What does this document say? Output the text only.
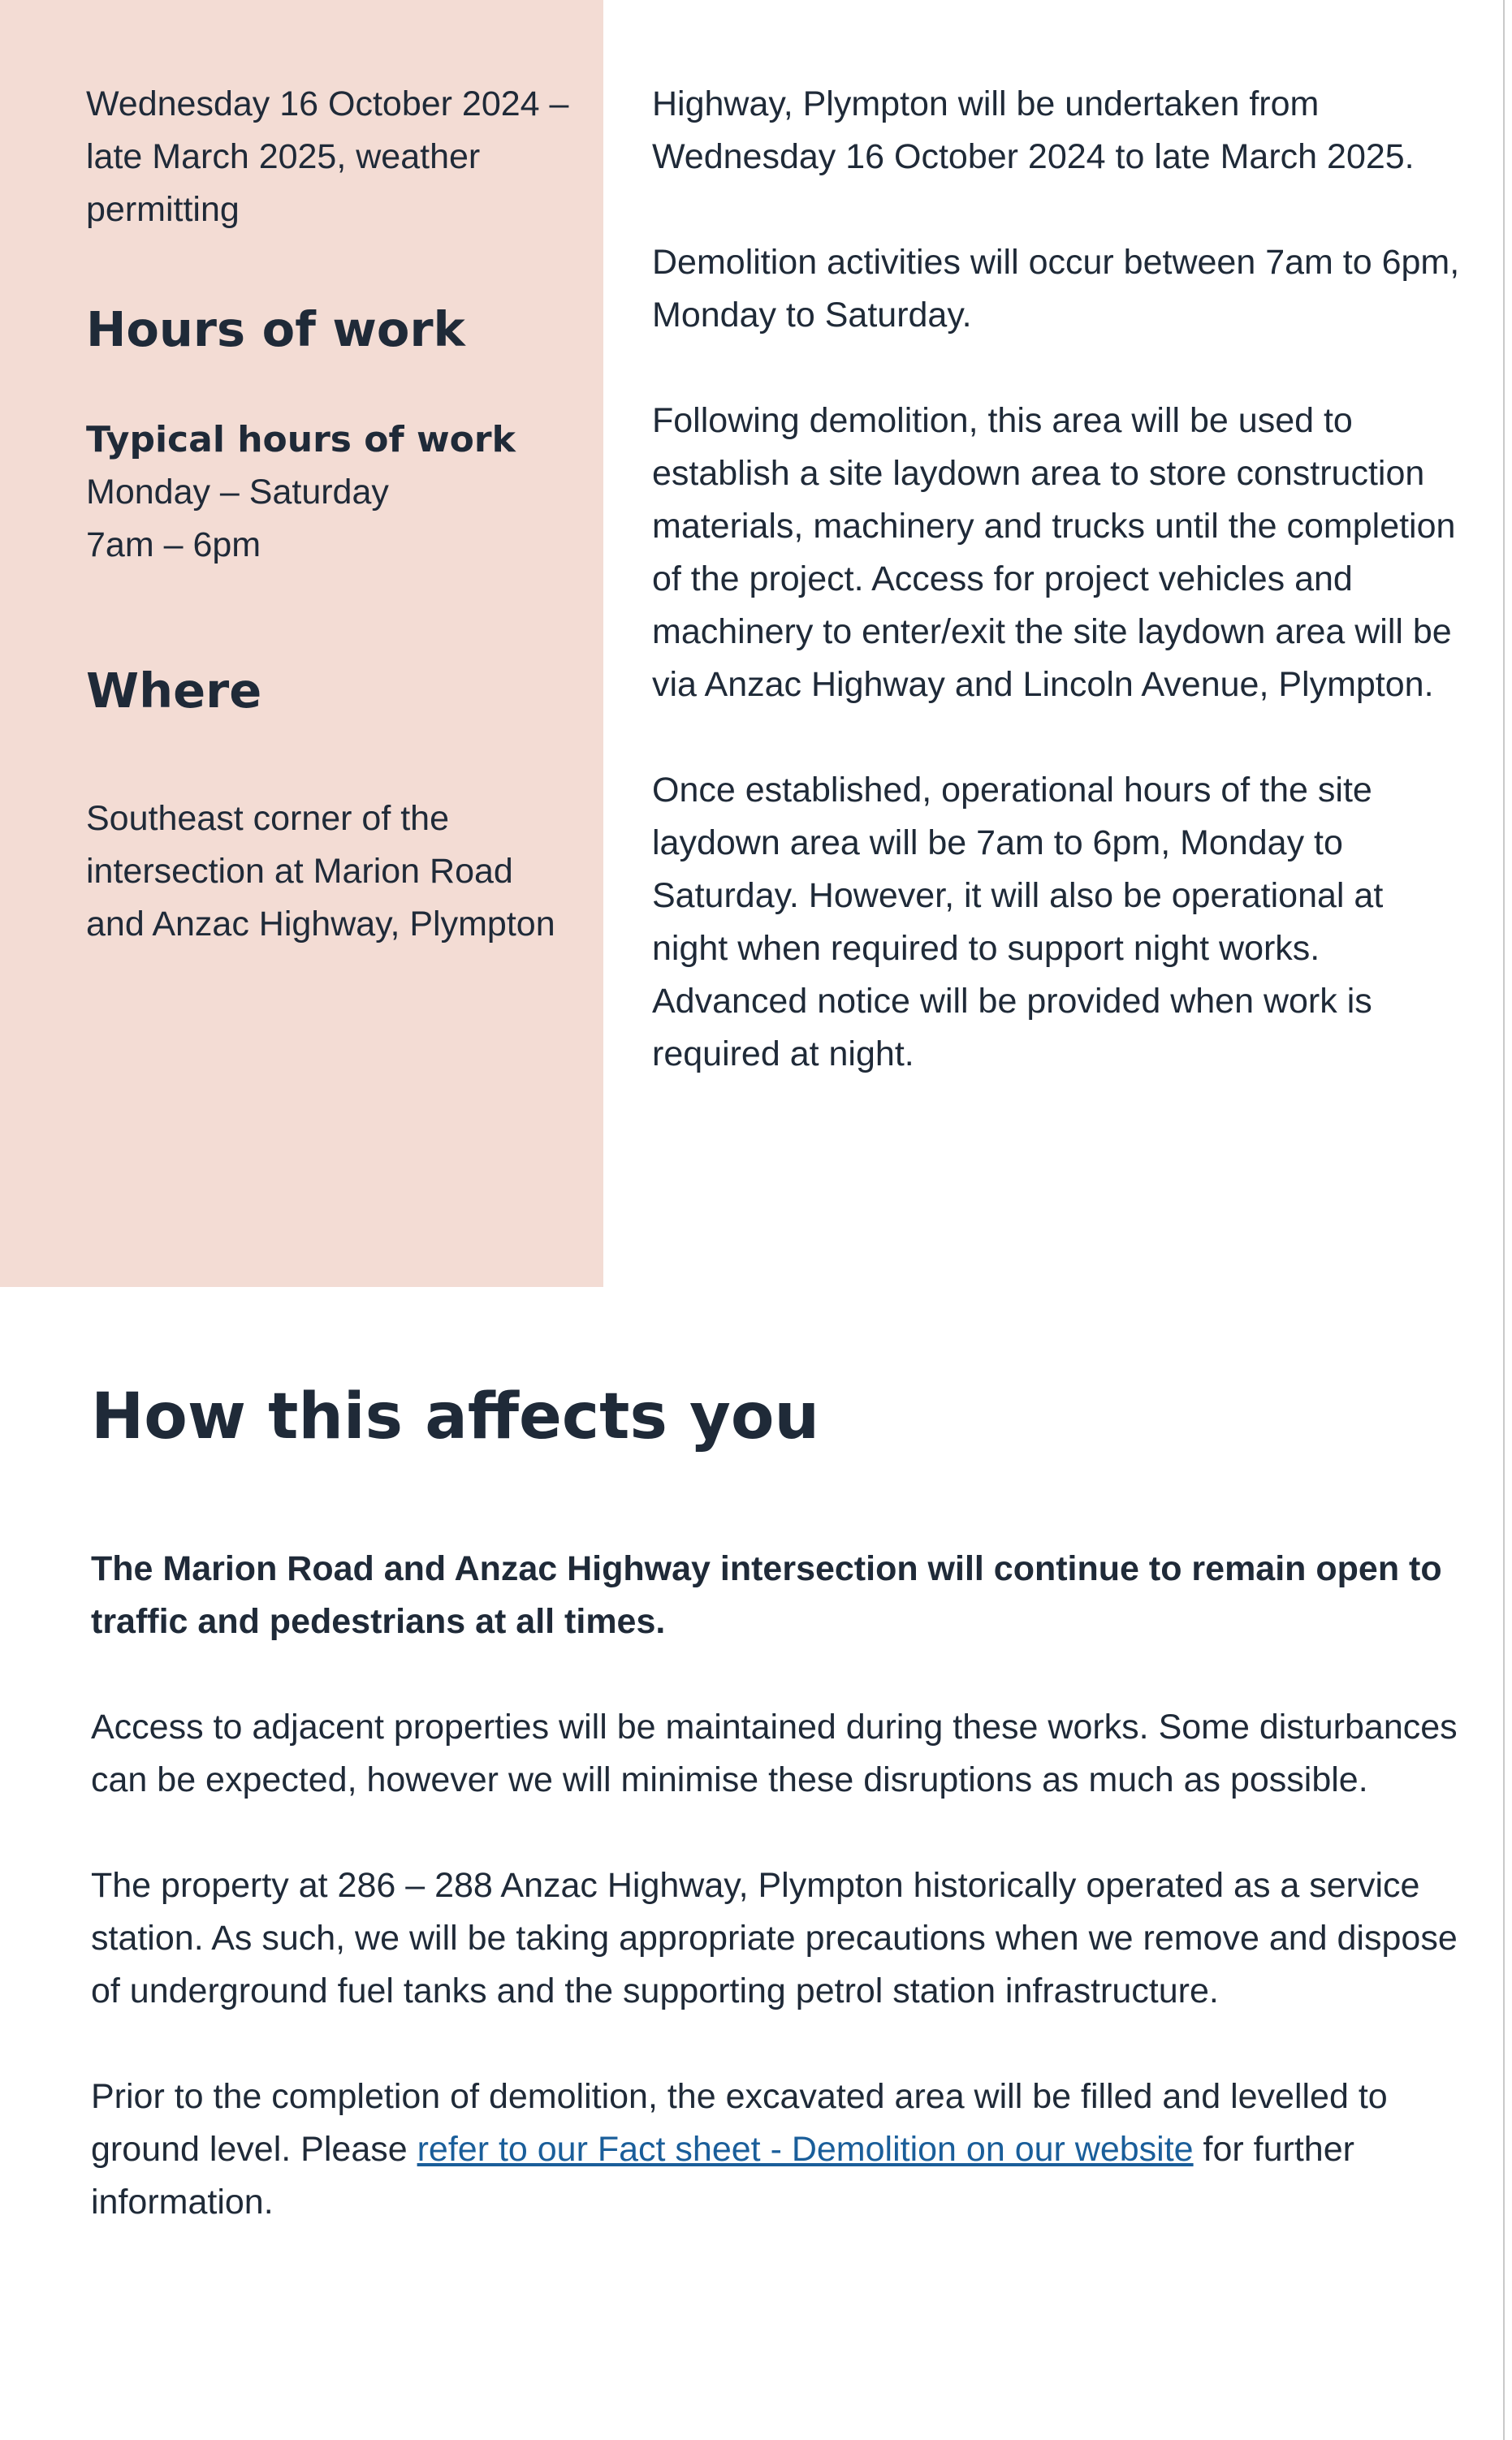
Wednesday 16 October 2024 – late March 2025, weather permitting

Hours of work
Typical hours of work

Monday – Saturday

7am – 6pm

Where

Southeast corner of the intersection at Marion Road and Anzac Highway, Plympton

Highway, Plympton will be undertaken from Wednesday 16 October 2024 to late March 2025.

Demolition activities will occur between 7am to 6pm, Monday to Saturday.

Following demolition, this area will be used to establish a site laydown area to store construction materials, machinery and trucks until the completion of the project. Access for project vehicles and machinery to enter/exit the site laydown area will be via Anzac Highway and Lincoln Avenue, Plympton.

Once established, operational hours of the site laydown area will be 7am to 6pm, Monday to Saturday. However, it will also be operational at night when required to support night works. Advanced notice will be provided when work is required at night.

How this affects you

The Marion Road and Anzac Highway intersection will continue to remain open to traffic and pedestrians at all times.

Access to adjacent properties will be maintained during these works. Some disturbances can be expected, however we will minimise these disruptions as much as possible.

The property at 286 – 288 Anzac Highway, Plympton historically operated as a service station. As such, we will be taking appropriate precautions when we remove and dispose of underground fuel tanks and the supporting petrol station infrastructure.

Prior to the completion of demolition, the excavated area will be filled and levelled to ground level. Please refer to our Fact sheet - Demolition on our website for further information.
